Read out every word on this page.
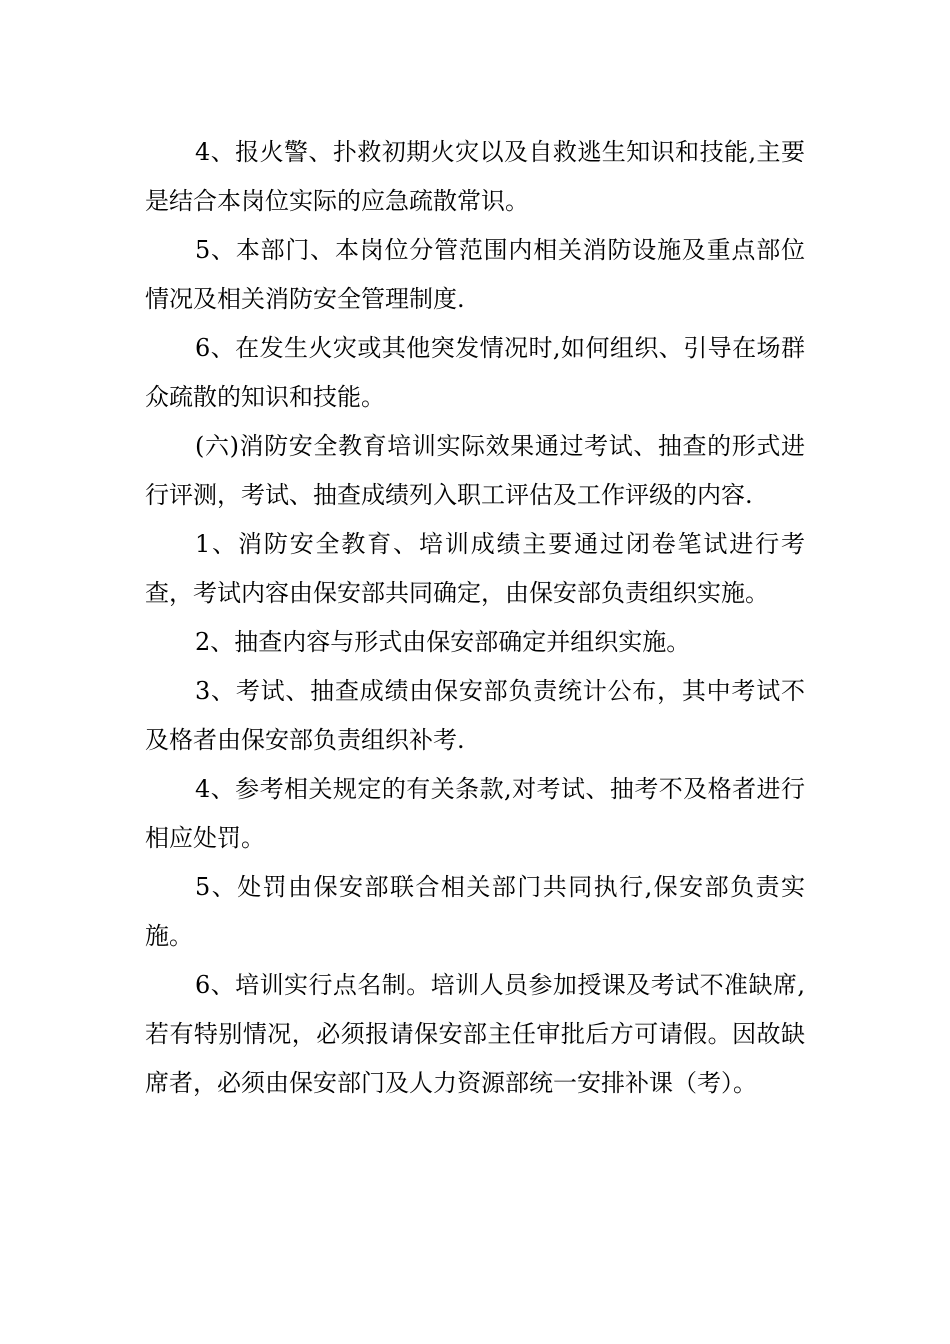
4、报火警、扑救初期火灾以及自救逃生知识和技能,主要是结合本岗位实际的应急疏散常识。

5、本部门、本岗位分管范围内相关消防设施及重点部位情况及相关消防安全管理制度.

6、在发生火灾或其他突发情况时,如何组织、引导在场群众疏散的知识和技能。

(六)消防安全教育培训实际效果通过考试、抽查的形式进行评测，考试、抽查成绩列入职工评估及工作评级的内容.

1、消防安全教育、培训成绩主要通过闭卷笔试进行考查，考试内容由保安部共同确定，由保安部负责组织实施。

2、抽查内容与形式由保安部确定并组织实施。

3、考试、抽查成绩由保安部负责统计公布，其中考试不及格者由保安部负责组织补考.

4、参考相关规定的有关条款,对考试、抽考不及格者进行相应处罚。

5、处罚由保安部联合相关部门共同执行,保安部负责实施。

6、培训实行点名制。培训人员参加授课及考试不准缺席,若有特别情况，必须报请保安部主任审批后方可请假。因故缺席者，必须由保安部门及人力资源部统一安排补课（考）。
